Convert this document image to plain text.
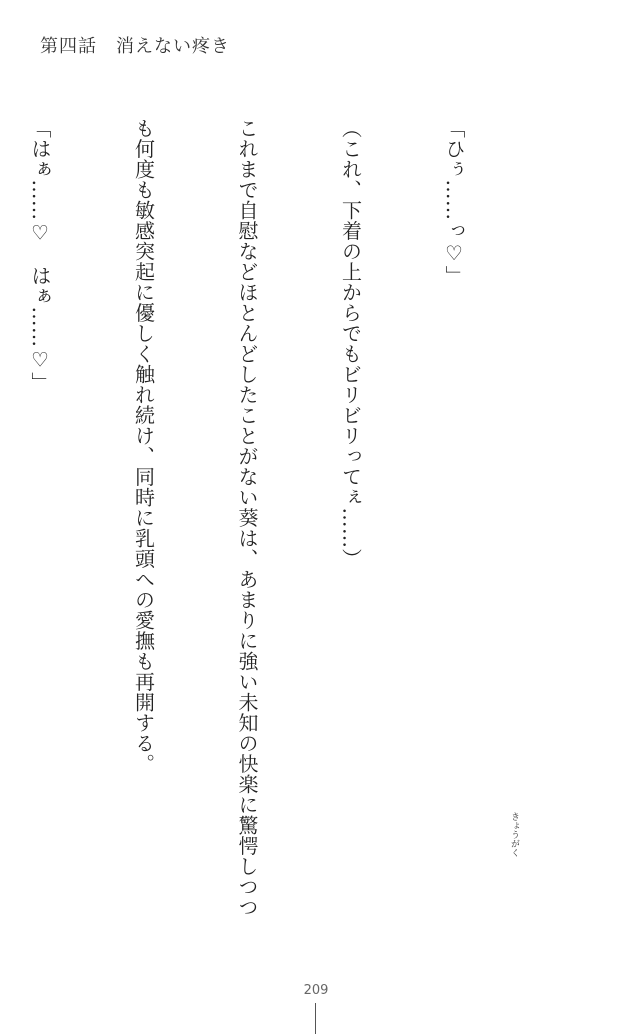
第四話　消えない疼き

「ひぅ……っ♡」

（これ、下着の上からでもビリビリってぇ……）

これまで自慰などほとんどしたことがない葵は、あまりに強い未知の快楽に驚愕しつつ

も何度も敏感突起に優しく触れ続け、同時に乳頭への愛撫も再開する。

「はぁ……♡　はぁ……♡」

きょうがく
209
